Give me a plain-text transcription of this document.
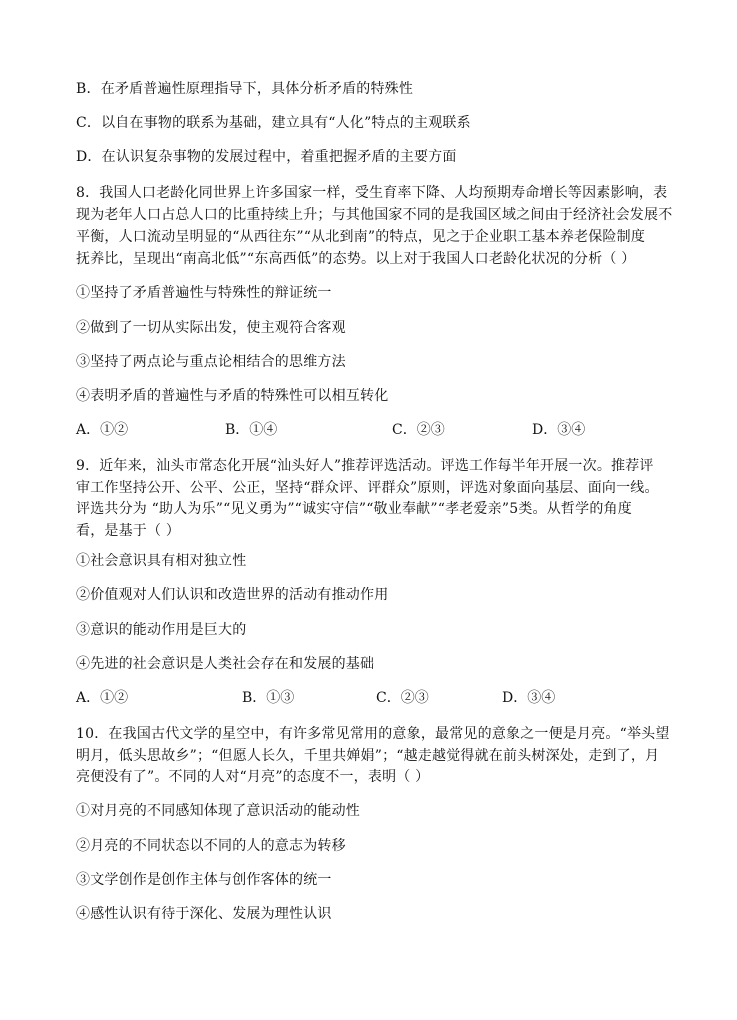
B．在矛盾普遍性原理指导下，具体分析矛盾的特殊性
C．以自在事物的联系为基础，建立具有“人化”特点的主观联系
D．在认识复杂事物的发展过程中，着重把握矛盾的主要方面
8．我国人口老龄化同世界上许多国家一样，受生育率下降、人均预期寿命增长等因素影响，表
现为老年人口占总人口的比重持续上升；与其他国家不同的是我国区域之间由于经济社会发展不
平衡，人口流动呈明显的“从西往东”“从北到南”的特点，见之于企业职工基本养老保险制度
抚养比，呈现出“南高北低”“东高西低”的态势。以上对于我国人口老龄化状况的分析（ ）
①坚持了矛盾普遍性与特殊性的辩证统一
②做到了一切从实际出发，使主观符合客观
③坚持了两点论与重点论相结合的思维方法
④表明矛盾的普遍性与矛盾的特殊性可以相互转化
A．①②	B．①④	C．②③	D．③④
9．近年来，汕头市常态化开展“汕头好人”推荐评选活动。评选工作每半年开展一次。推荐评
审工作坚持公开、公平、公正，坚持“群众评、评群众”原则，评选对象面向基层、面向一线。
评选共分为 “助人为乐”“见义勇为”“诚实守信”“敬业奉献”“孝老爱亲”5类。从哲学的角度
看，是基于（ ）
①社会意识具有相对独立性
②价值观对人们认识和改造世界的活动有推动作用
③意识的能动作用是巨大的
④先进的社会意识是人类社会存在和发展的基础
A．①②	B．①③	C．②③	D．③④
10．在我国古代文学的星空中，有许多常见常用的意象，最常见的意象之一便是月亮。“举头望
明月，低头思故乡”；“但愿人长久，千里共婵娟”；“越走越觉得就在前头树深处，走到了，月
亮便没有了”。不同的人对“月亮”的态度不一，表明（ ）
①对月亮的不同感知体现了意识活动的能动性
②月亮的不同状态以不同的人的意志为转移
③文学创作是创作主体与创作客体的统一
④感性认识有待于深化、发展为理性认识
